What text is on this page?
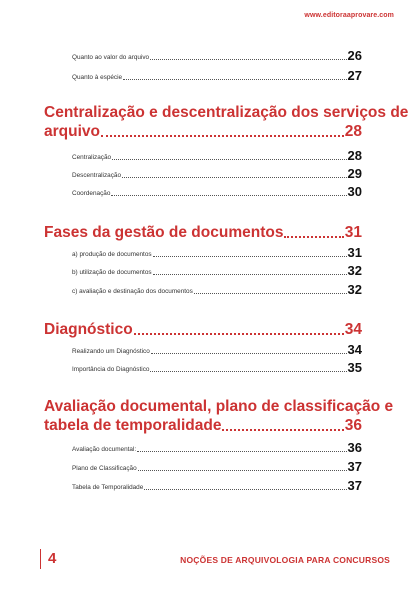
www.editoraaprovare.com
Quanto ao valor do arquivo	26
Quanto à espécie	27
Centralização e descentralização dos serviços de
arquivo	28
Centralização	28
Descentralização	29
Coordenação	30
Fases da gestão de documentos	31
a) produção de documentos	31
b) utilização de documentos	32
c) avaliação e destinação dos documentos	32
Diagnóstico	34
Realizando um Diagnóstico	34
Importância do Diagnóstico	35
Avaliação documental, plano de classificação e
tabela de temporalidade	36
Avaliação documental:	36
Plano de Classificação	37
Tabela de Temporalidade	37
4	NOÇÕES DE ARQUIVOLOGIA PARA CONCURSOS
